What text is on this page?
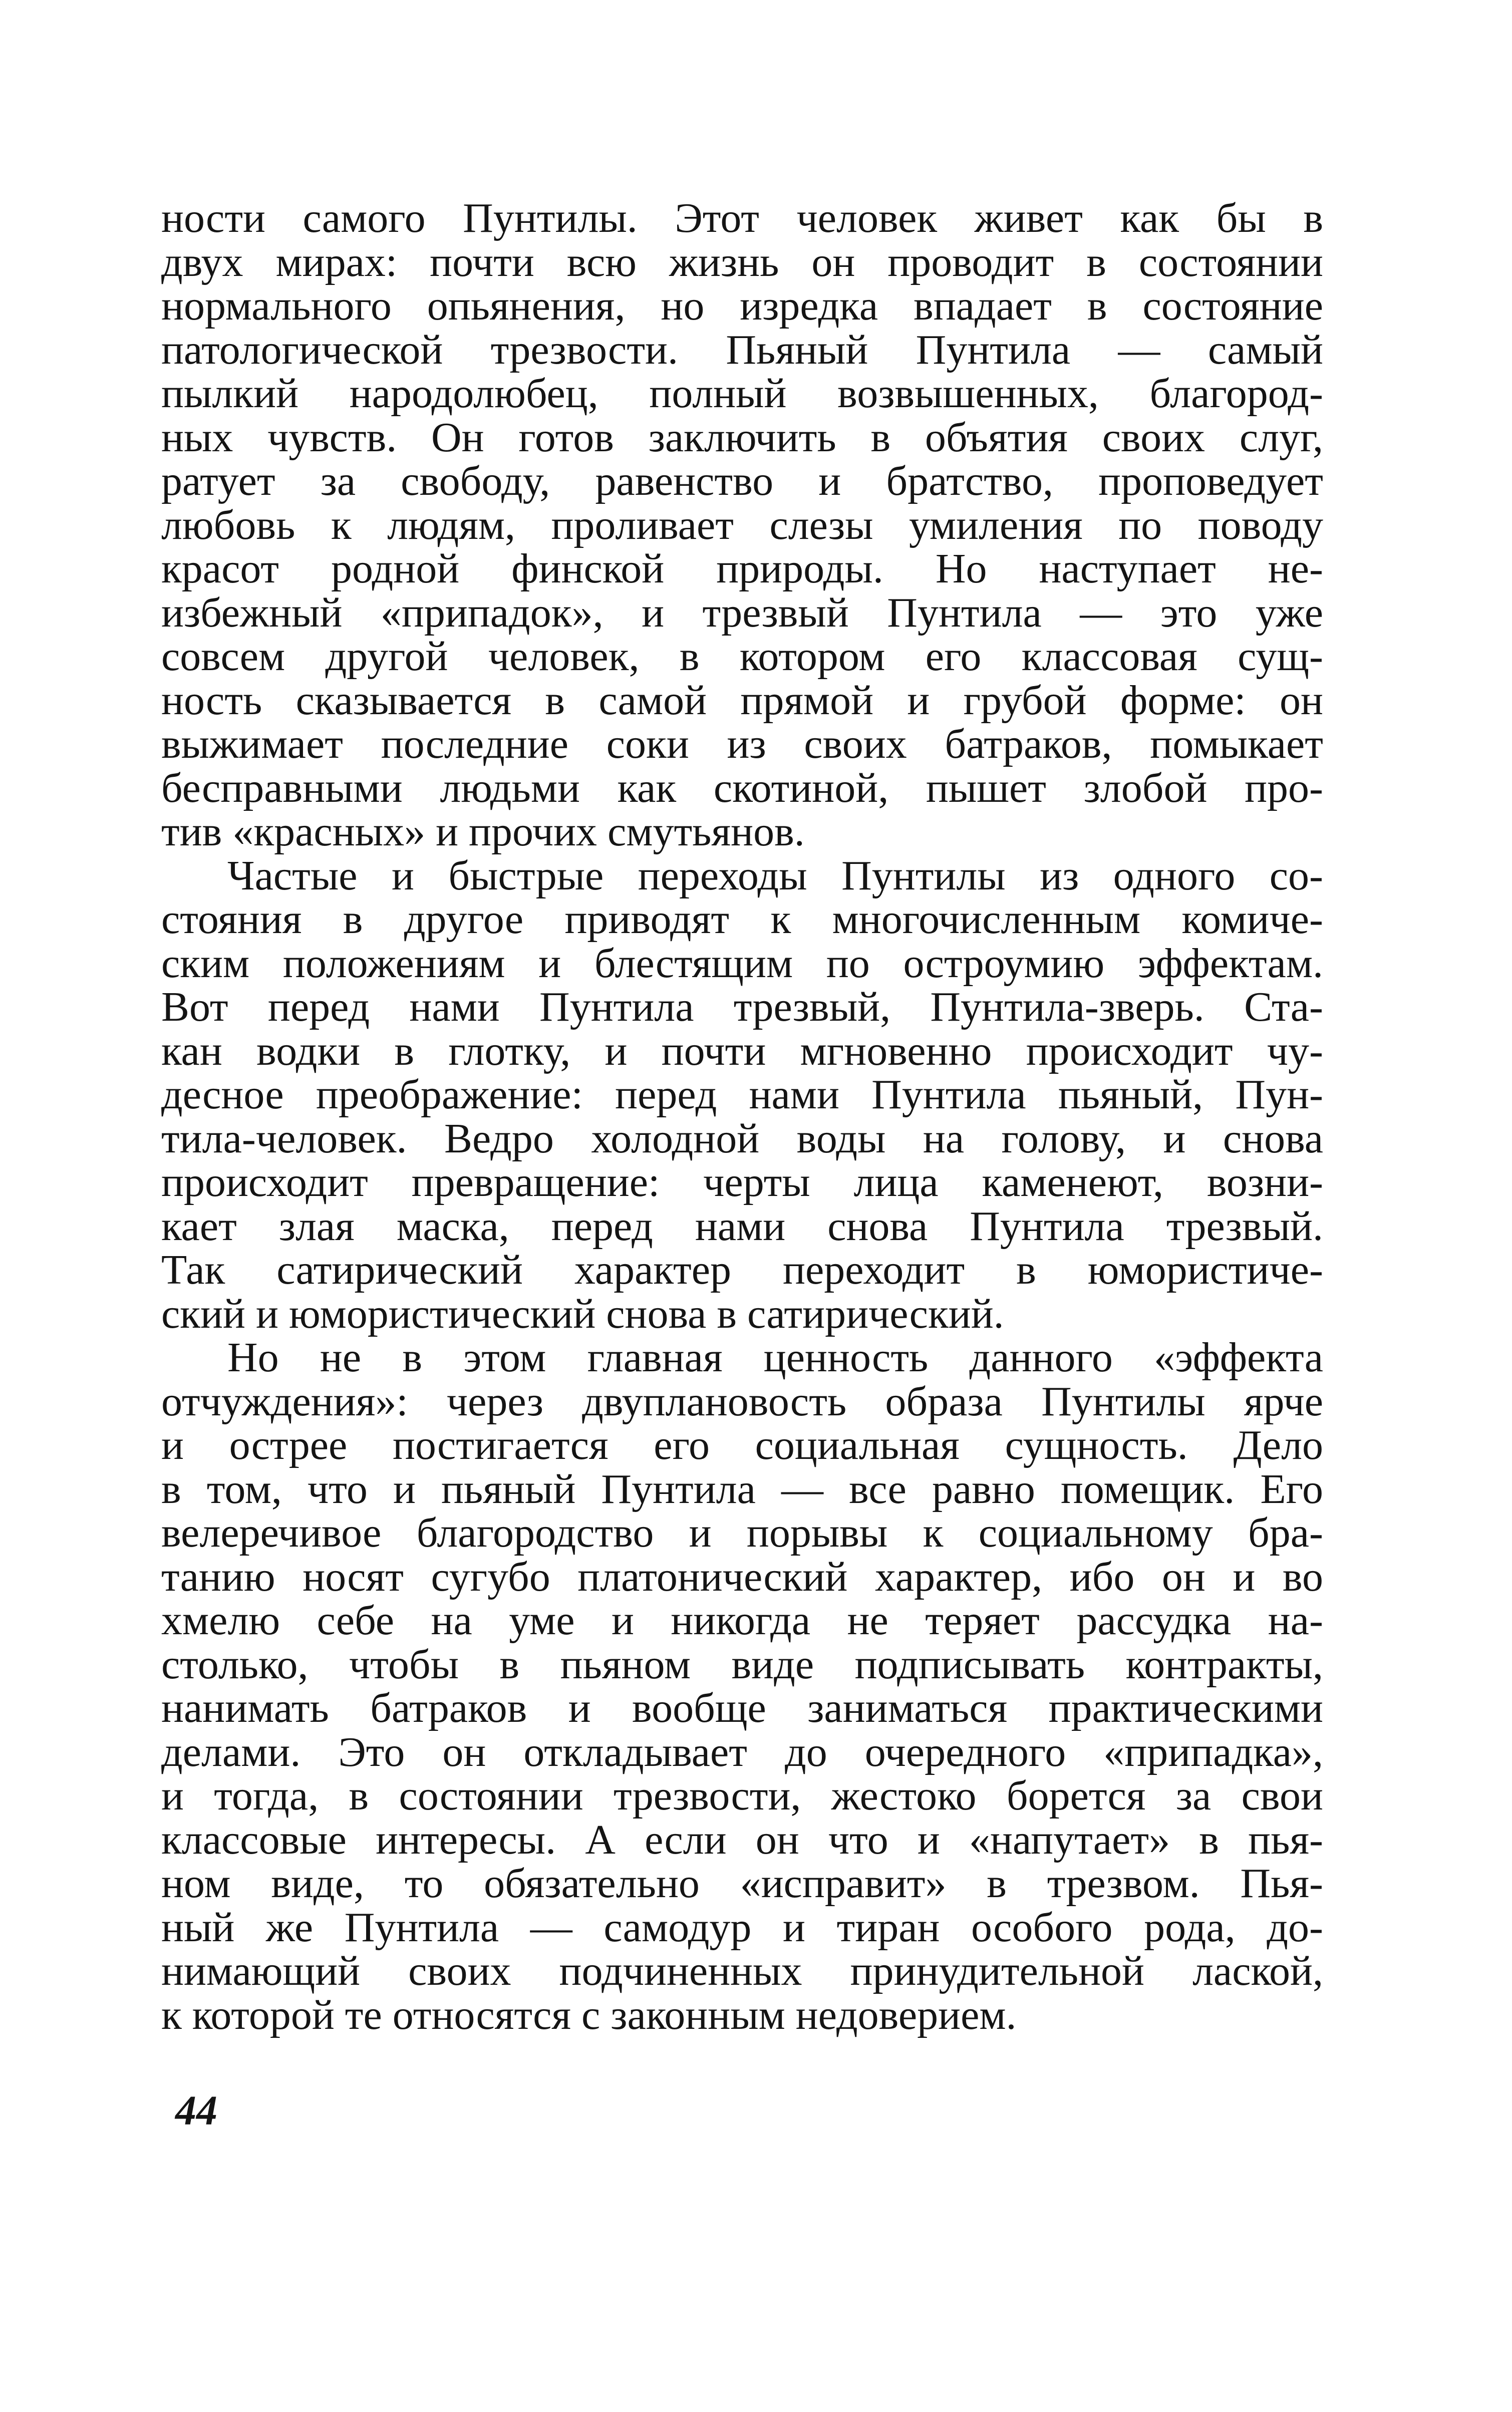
ности самого Пунтилы. Этот человек живет как бы в
двух мирах: почти всю жизнь он проводит в состоянии
нормального опьянения, но изредка впадает в состояние
патологической трезвости. Пьяный Пунтила — самый
пылкий народолюбец, полный возвышенных, благород-
ных чувств. Он готов заключить в объятия своих слуг,
ратует за свободу, равенство и братство, проповедует
любовь к людям, проливает слезы умиления по поводу
красот родной финской природы. Но наступает не-
избежный «припадок», и трезвый Пунтила — это уже
совсем другой человек, в котором его классовая сущ-
ность сказывается в самой прямой и грубой форме: он
выжимает последние соки из своих батраков, помыкает
бесправными людьми как скотиной, пышет злобой про-
тив «красных» и прочих смутьянов.
Частые и быстрые переходы Пунтилы из одного со-
стояния в другое приводят к многочисленным комиче-
ским положениям и блестящим по остроумию эффектам.
Вот перед нами Пунтила трезвый, Пунтила-зверь. Ста-
кан водки в глотку, и почти мгновенно происходит чу-
десное преображение: перед нами Пунтила пьяный, Пун-
тила-человек. Ведро холодной воды на голову, и снова
происходит превращение: черты лица каменеют, возни-
кает злая маска, перед нами снова Пунтила трезвый.
Так сатирический характер переходит в юмористиче-
ский и юмористический снова в сатирический.
Но не в этом главная ценность данного «эффекта
отчуждения»: через двуплановость образа Пунтилы ярче
и острее постигается его социальная сущность. Дело
в том, что и пьяный Пунтила — все равно помещик. Его
велеречивое благородство и порывы к социальному бра-
танию носят сугубо платонический характер, ибо он и во
хмелю себе на уме и никогда не теряет рассудка на-
столько, чтобы в пьяном виде подписывать контракты,
нанимать батраков и вообще заниматься практическими
делами. Это он откладывает до очередного «припадка»,
и тогда, в состоянии трезвости, жестоко борется за свои
классовые интересы. А если он что и «напутает» в пья-
ном виде, то обязательно «исправит» в трезвом. Пья-
ный же Пунтила — самодур и тиран особого рода, до-
нимающий своих подчиненных принудительной лаской,
к которой те относятся с законным недоверием.
44
